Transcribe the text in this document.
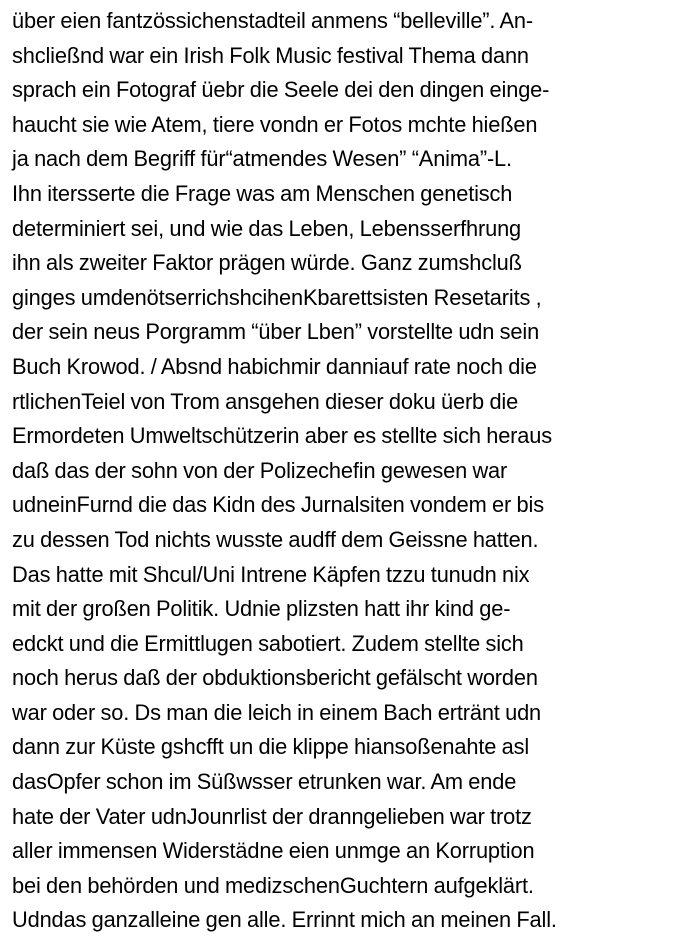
über eien fantzössichenstadteil anmens “belleville”. An-
shcließnd war ein Irish Folk Music festival Thema dann
sprach ein Fotograf üebr die Seele dei den dingen einge-
haucht sie wie Atem, tiere vondn er Fotos mchte hießen
ja nach dem Begriff für“atmendes Wesen” “Anima”-L.
Ihn itersserte die Frage was am Menschen genetisch
determiniert sei, und wie das Leben, Lebensserfhrung
ihn als zweiter Faktor prägen würde. Ganz zumshcluß
ginges umdenötserrichshcihenKbarettsisten Resetarits ,
der sein neus Porgramm “über Lben” vorstellte udn sein
Buch Krowod. / Absnd habichmir danniauf rate noch die
rtlichenTeiel von Trom ansgehen dieser doku üerb die
Ermordeten Umweltschützerin aber es stellte sich heraus
daß das der sohn von der Polizechefin gewesen war
udneinFurnd die das Kidn des Jurnalsiten vondem er bis
zu dessen Tod nichts wusste audff dem Geissne hatten.
Das hatte mit Shcul/Uni Intrene Käpfen tzzu tunudn nix
mit der großen Politik. Udnie plizsten hatt ihr kind ge-
edckt und die Ermittlugen sabotiert. Zudem stellte sich
noch herus daß der obduktionsbericht gefälscht worden
war oder so. Ds man die leich in einem Bach erträ​nt udn
dann zur Küste gshcfft un die klippe hiansoßenahte asl
dasOpfer schon im Süßwsser etrunken war. Am ende
hate der Vater udnJounrlist der dranngelieben war trotz
aller immensen Widerstädne eien unmge an Korruption
bei den behörden und medizschenGuchtern aufgeklärt.
Udndas ganzalleine gen alle. Errinnt mich an meinen Fall.
